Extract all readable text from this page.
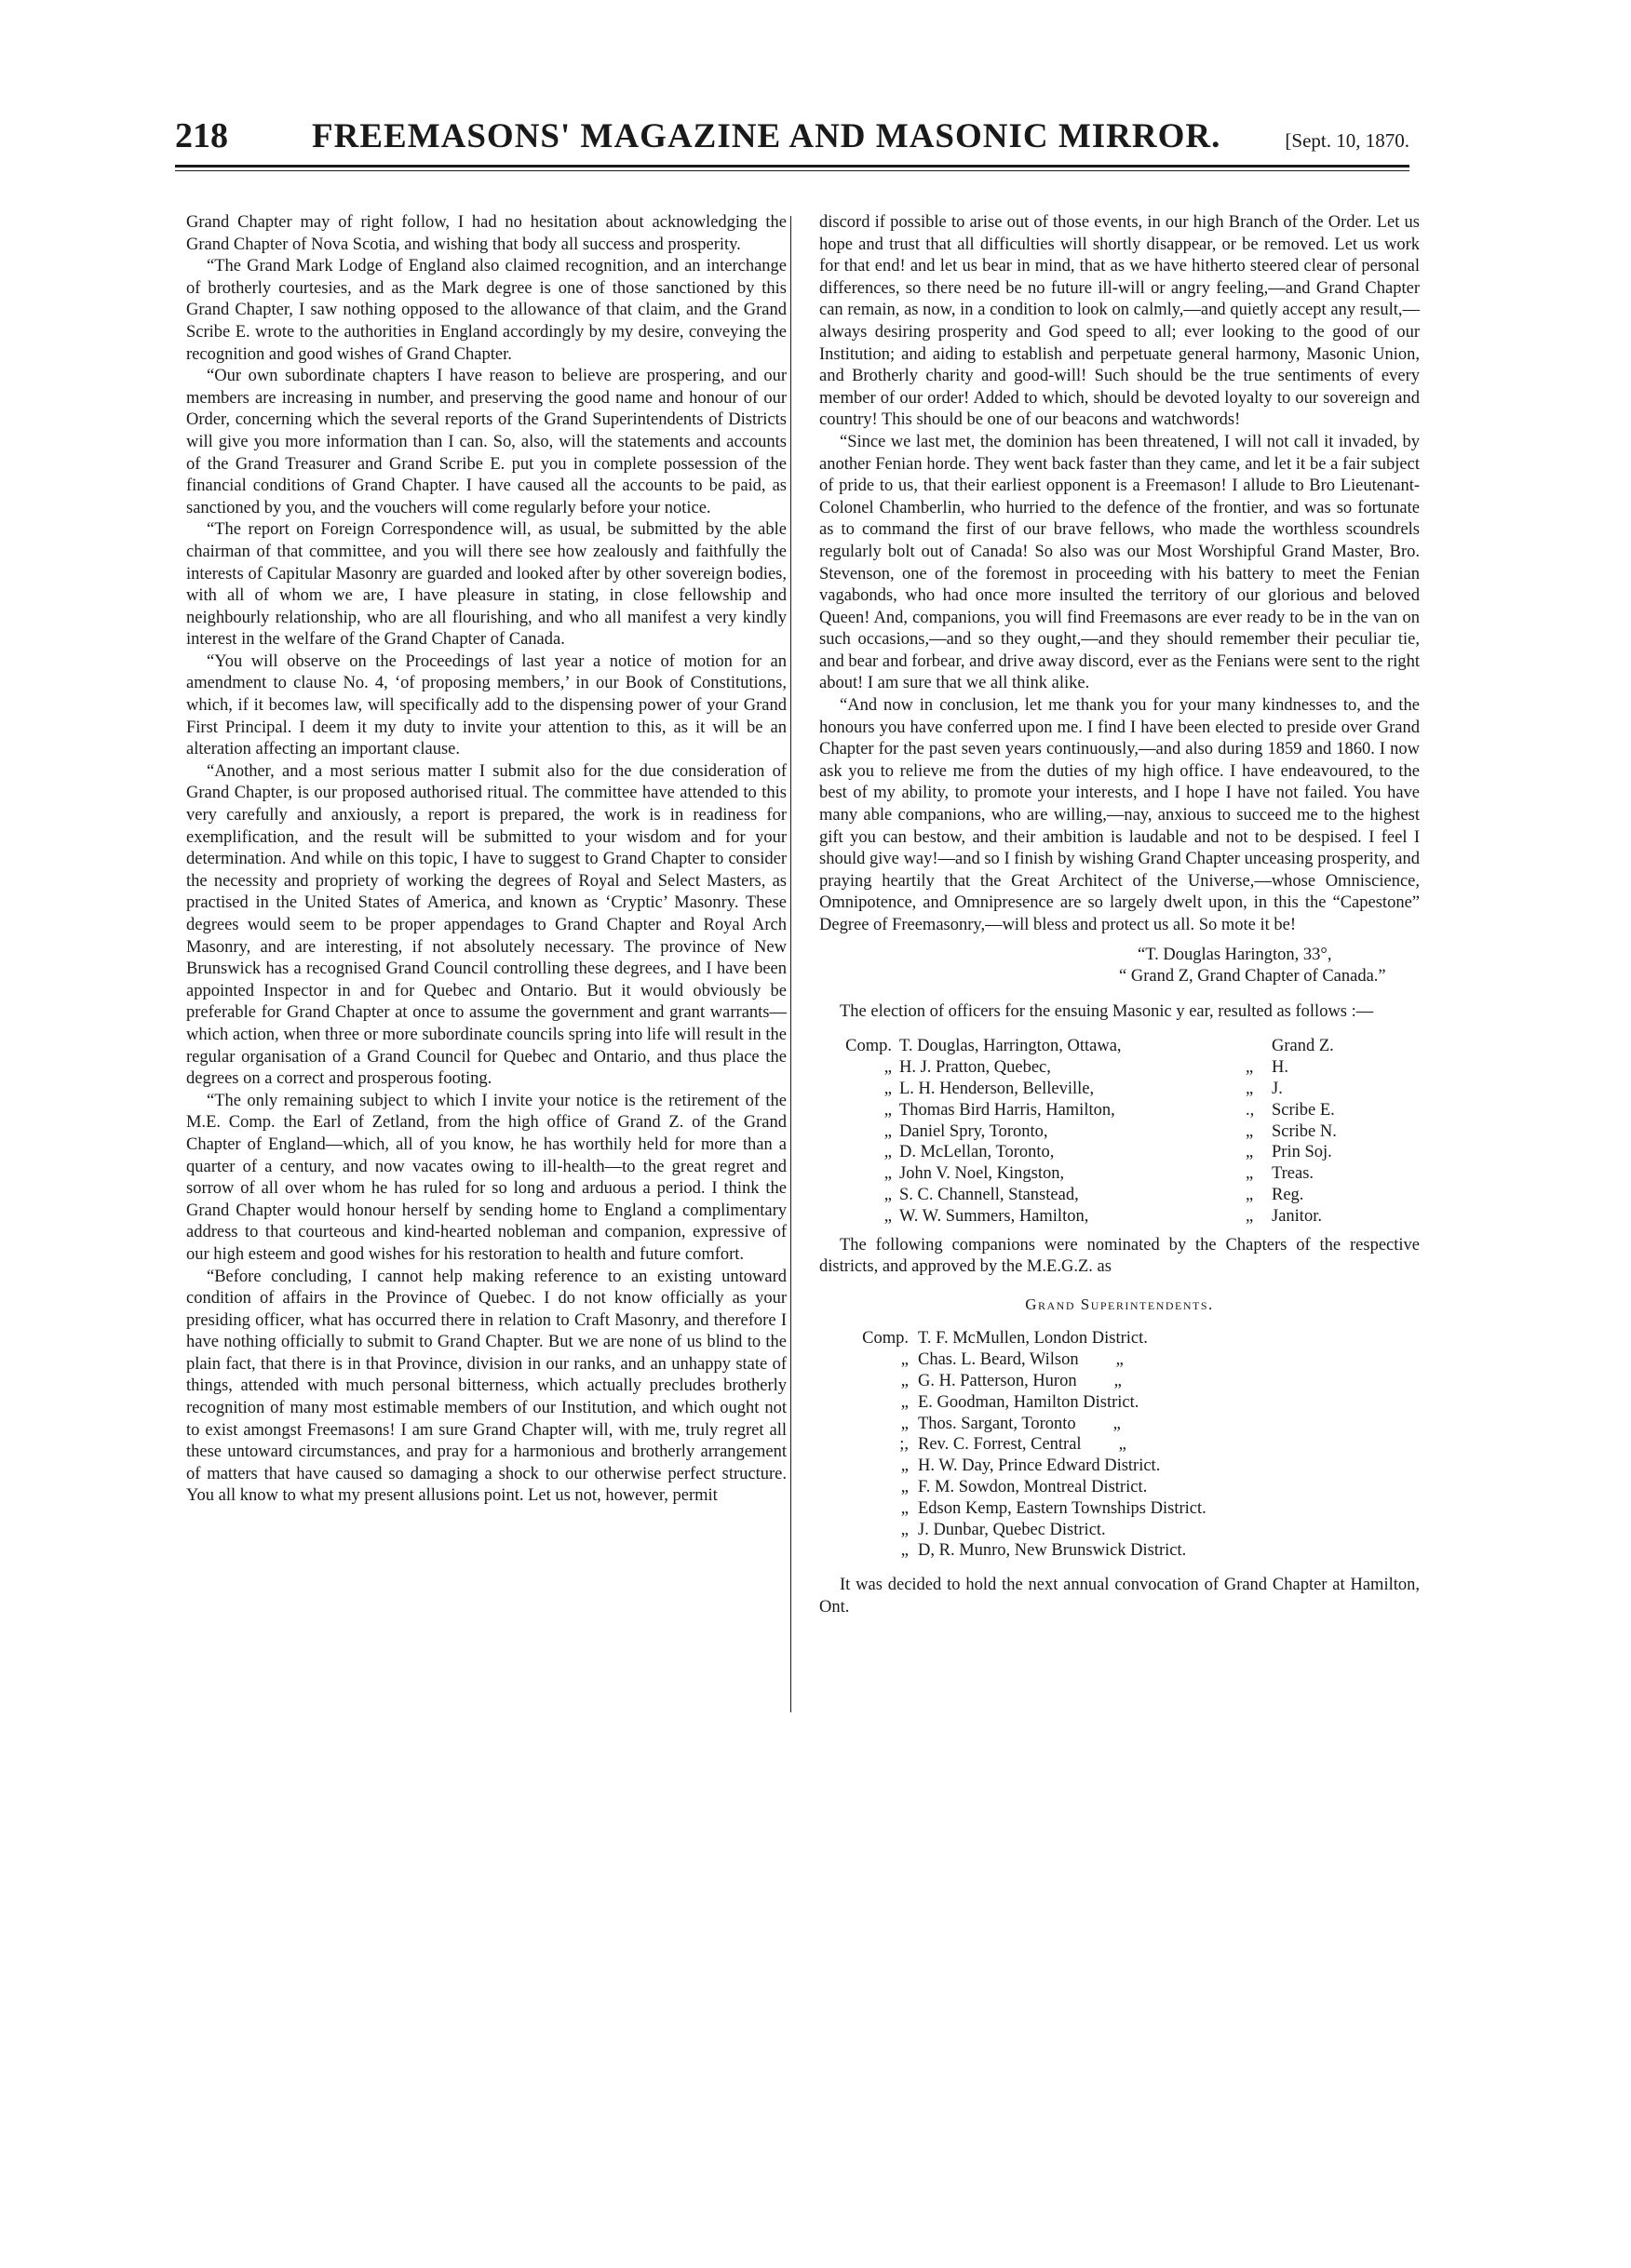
218	FREEMASONS' MAGAZINE AND MASONIC MIRROR.	[Sept. 10, 1870.

Grand Chapter may of right follow, I had no hesitation about acknowledging the Grand Chapter of Nova Scotia, and wishing that body all success and prosperity.

“The Grand Mark Lodge of England also claimed recognition, and an interchange of brotherly courtesies, and as the Mark degree is one of those sanctioned by this Grand Chapter, I saw nothing opposed to the allowance of that claim, and the Grand Scribe E. wrote to the authorities in England accordingly by my desire, conveying the recognition and good wishes of Grand Chapter.

“Our own subordinate chapters I have reason to believe are prospering, and our members are increasing in number, and preserving the good name and honour of our Order, concerning which the several reports of the Grand Superintendents of Districts will give you more information than I can. So, also, will the statements and accounts of the Grand Treasurer and Grand Scribe E. put you in complete possession of the financial conditions of Grand Chapter. I have caused all the accounts to be paid, as sanctioned by you, and the vouchers will come regularly before your notice.

“The report on Foreign Correspondence will, as usual, be submitted by the able chairman of that committee, and you will there see how zealously and faithfully the interests of Capitular Masonry are guarded and looked after by other sovereign bodies, with all of whom we are, I have pleasure in stating, in close fellowship and neighbourly relationship, who are all flourishing, and who all manifest a very kindly interest in the welfare of the Grand Chapter of Canada.

“You will observe on the Proceedings of last year a notice of motion for an amendment to clause No. 4, ‘of proposing members,’ in our Book of Constitutions, which, if it becomes law, will specifically add to the dispensing power of your Grand First Principal. I deem it my duty to invite your attention to this, as it will be an alteration affecting an important clause.

“Another, and a most serious matter I submit also for the due consideration of Grand Chapter, is our proposed authorised ritual. The committee have attended to this very carefully and anxiously, a report is prepared, the work is in readiness for exemplification, and the result will be submitted to your wisdom and for your determination. And while on this topic, I have to suggest to Grand Chapter to consider the necessity and propriety of working the degrees of Royal and Select Masters, as practised in the United States of America, and known as ‘Cryptic’ Masonry. These degrees would seem to be proper appendages to Grand Chapter and Royal Arch Masonry, and are interesting, if not absolutely necessary. The province of New Brunswick has a recognised Grand Council controlling these degrees, and I have been appointed Inspector in and for Quebec and Ontario. But it would obviously be preferable for Grand Chapter at once to assume the government and grant warrants—which action, when three or more subordinate councils spring into life will result in the regular organisation of a Grand Council for Quebec and Ontario, and thus place the degrees on a correct and prosperous footing.

“The only remaining subject to which I invite your notice is the retirement of the M.E. Comp. the Earl of Zetland, from the high office of Grand Z. of the Grand Chapter of England—which, all of you know, he has worthily held for more than a quarter of a century, and now vacates owing to ill-health—to the great regret and sorrow of all over whom he has ruled for so long and arduous a period. I think the Grand Chapter would honour herself by sending home to England a complimentary address to that courteous and kind-hearted nobleman and companion, expressive of our high esteem and good wishes for his restoration to health and future comfort.

“Before concluding, I cannot help making reference to an existing untoward condition of affairs in the Province of Quebec. I do not know officially as your presiding officer, what has occurred there in relation to Craft Masonry, and therefore I have nothing officially to submit to Grand Chapter. But we are none of us blind to the plain fact, that there is in that Province, division in our ranks, and an unhappy state of things, attended with much personal bitterness, which actually precludes brotherly recognition of many most estimable members of our Institution, and which ought not to exist amongst Freemasons! I am sure Grand Chapter will, with me, truly regret all these untoward circumstances, and pray for a harmonious and brotherly arrangement of matters that have caused so damaging a shock to our otherwise perfect structure. You all know to what my present allusions point. Let us not, however, permit

discord if possible to arise out of those events, in our high Branch of the Order. Let us hope and trust that all difficulties will shortly disappear, or be removed. Let us work for that end! and let us bear in mind, that as we have hitherto steered clear of personal differences, so there need be no future ill-will or angry feeling,—and Grand Chapter can remain, as now, in a condition to look on calmly,—and quietly accept any result,—always desiring prosperity and God speed to all; ever looking to the good of our Institution; and aiding to establish and perpetuate general harmony, Masonic Union, and Brotherly charity and good-will! Such should be the true sentiments of every member of our order! Added to which, should be devoted loyalty to our sovereign and country! This should be one of our beacons and watchwords!

“Since we last met, the dominion has been threatened, I will not call it invaded, by another Fenian horde. They went back faster than they came, and let it be a fair subject of pride to us, that their earliest opponent is a Freemason! I allude to Bro Lieutenant-Colonel Chamberlin, who hurried to the defence of the frontier, and was so fortunate as to command the first of our brave fellows, who made the worthless scoundrels regularly bolt out of Canada! So also was our Most Worshipful Grand Master, Bro. Stevenson, one of the foremost in proceeding with his battery to meet the Fenian vagabonds, who had once more insulted the territory of our glorious and beloved Queen! And, companions, you will find Freemasons are ever ready to be in the van on such occasions,—and so they ought,—and they should remember their peculiar tie, and bear and forbear, and drive away discord, ever as the Fenians were sent to the right about! I am sure that we all think alike.

“And now in conclusion, let me thank you for your many kindnesses to, and the honours you have conferred upon me. I find I have been elected to preside over Grand Chapter for the past seven years continuously,—and also during 1859 and 1860. I now ask you to relieve me from the duties of my high office. I have endeavoured, to the best of my ability, to promote your interests, and I hope I have not failed. You have many able companions, who are willing,—nay, anxious to succeed me to the highest gift you can bestow, and their ambition is laudable and not to be despised. I feel I should give way!—and so I finish by wishing Grand Chapter unceasing prosperity, and praying heartily that the Great Architect of the Universe,—whose Omniscience, Omnipotence, and Omnipresence are so largely dwelt upon, in this the “Capestone” Degree of Freemasonry,—will bless and protect us all. So mote it be!

“T. Douglas Harington, 33°,
“ Grand Z, Grand Chapter of Canada.”

The election of officers for the ensuing Masonic y ear, resulted as follows :—

Comp. T. Douglas, Harrington, Ottawa,	Grand Z.
„ H. J. Pratton, Quebec,	„	H.
„ L. H. Henderson, Belleville,	„	J.
„ Thomas Bird Harris, Hamilton,	.,	Scribe E.
„ Daniel Spry, Toronto,	„	Scribe N.
„ D. McLellan, Toronto,	„	Prin Soj.
„ John V. Noel, Kingston,	„	Treas.
„ S. C. Channell, Stanstead,	„	Reg.
„ W. W. Summers, Hamilton,	„	Janitor.

The following companions were nominated by the Chapters of the respective districts, and approved by the M.E.G.Z. as

Grand Superintendents.
Comp. T. F. McMullen, London District.
„ Chas. L. Beard, Wilson	„
„ G. H. Patterson, Huron	„
„ E. Goodman, Hamilton District.
„ Thos. Sargant, Toronto	„
;, Rev. C. Forrest, Central	„
„ H. W. Day, Prince Edward District.
„ F. M. Sowdon, Montreal District.
„ Edson Kemp, Eastern Townships District.
„ J. Dunbar, Quebec District.
„ D, R. Munro, New Brunswick District.

It was decided to hold the next annual convocation of Grand Chapter at Hamilton, Ont.
